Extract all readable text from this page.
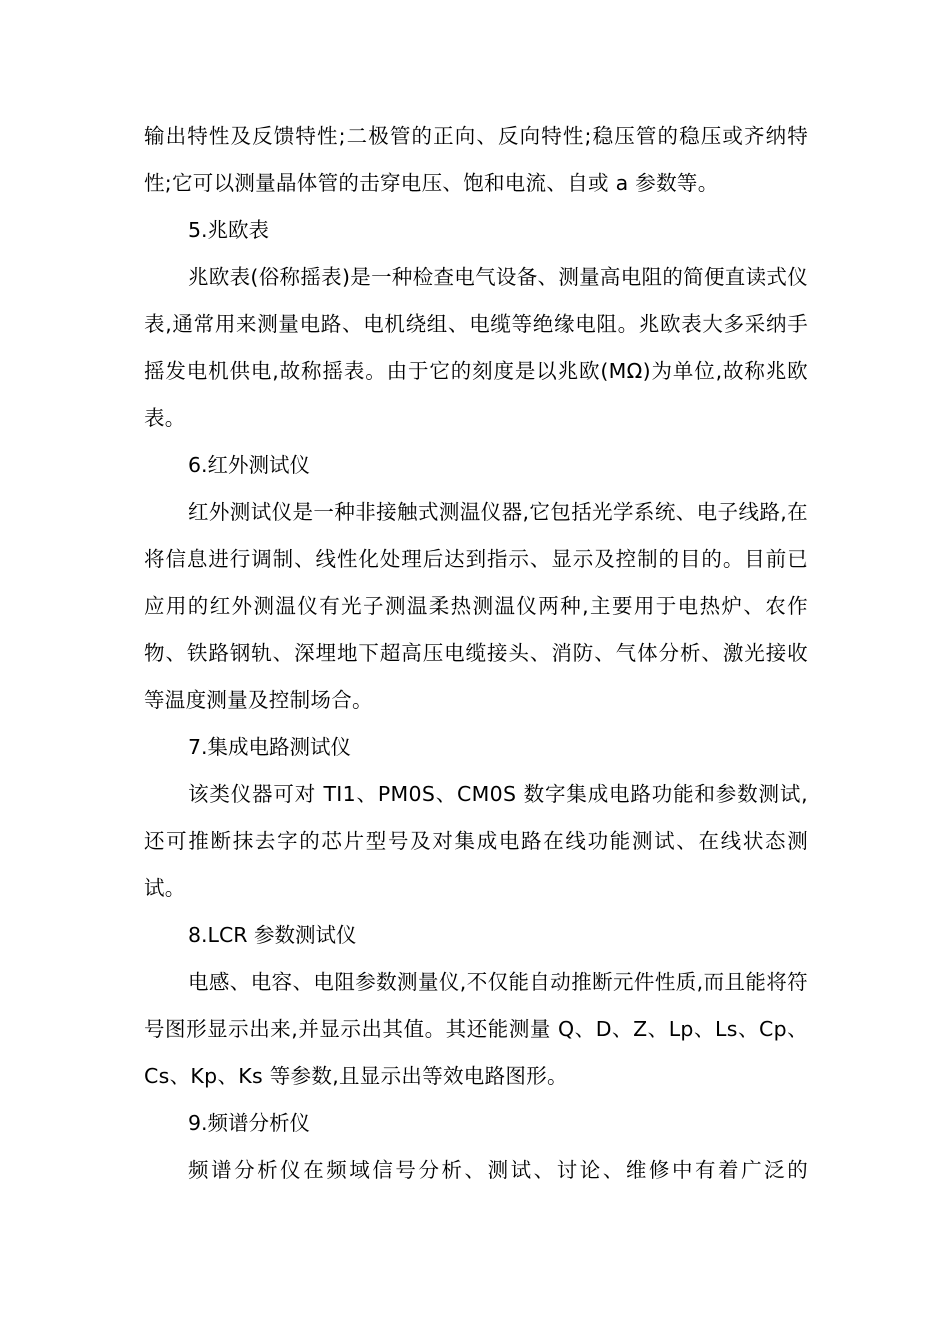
输出特性及反馈特性;二极管的正向、反向特性;稳压管的稳压或齐纳特性;它可以测量晶体管的击穿电压、饱和电流、自或 a 参数等。

5.兆欧表

兆欧表(俗称摇表)是一种检查电气设备、测量高电阻的简便直读式仪表,通常用来测量电路、电机绕组、电缆等绝缘电阻。兆欧表大多采纳手摇发电机供电,故称摇表。由于它的刻度是以兆欧(MΩ)为单位,故称兆欧表。

6.红外测试仪

红外测试仪是一种非接触式测温仪器,它包括光学系统、电子线路,在将信息进行调制、线性化处理后达到指示、显示及控制的目的。目前已应用的红外测温仪有光子测温柔热测温仪两种,主要用于电热炉、农作物、铁路钢轨、深埋地下超高压电缆接头、消防、气体分析、激光接收等温度测量及控制场合。

7.集成电路测试仪

该类仪器可对 TI1、PM0S、CM0S 数字集成电路功能和参数测试,还可推断抹去字的芯片型号及对集成电路在线功能测试、在线状态测试。

8.LCR 参数测试仪

电感、电容、电阻参数测量仪,不仅能自动推断元件性质,而且能将符号图形显示出来,并显示出其值。其还能测量 Q、D、Z、Lp、Ls、Cp、Cs、Kp、Ks 等参数,且显示出等效电路图形。

9.频谱分析仪

频谱分析仪在频域信号分析、测试、讨论、维修中有着广泛的
